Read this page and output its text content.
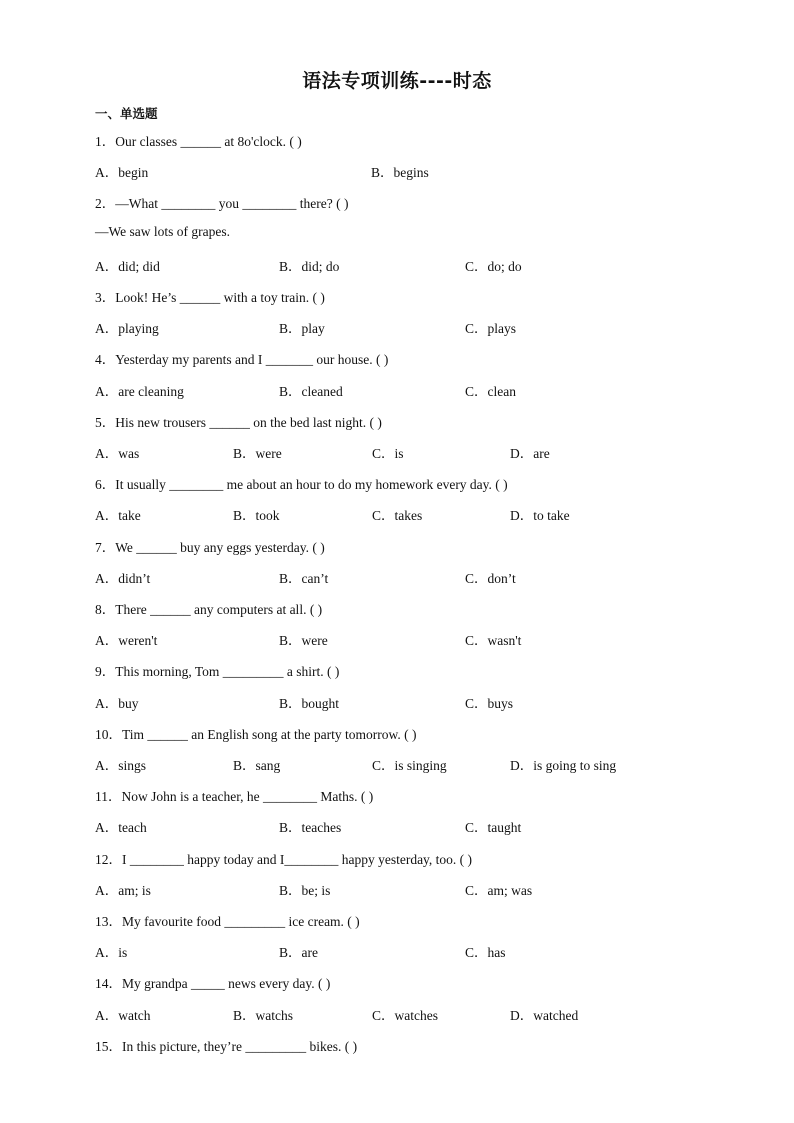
语法专项训练----时态
一、单选题
1．Our classes ______ at 8o'clock. ( )
A．begin	B．begins
2．—What ________ you ________ there? ( )
—We saw lots of grapes.
A．did; did	B．did; do	C．do; do
3．Look! He’s ______ with a toy train. ( )
A．playing	B．play	C．plays
4．Yesterday my parents and I _______ our house. ( )
A．are cleaning	B．cleaned	C．clean
5．His new trousers ______ on the bed last night. ( )
A．was	B．were	C．is	D．are
6．It usually ________ me about an hour to do my homework every day. ( )
A．take	B．took	C．takes	D．to take
7．We ______ buy any eggs yesterday. ( )
A．didn’t	B．can’t	C．don’t
8．There ______ any computers at all. ( )
A．weren't	B．were	C．wasn't
9．This morning, Tom _________ a shirt. ( )
A．buy	B．bought	C．buys
10．Tim ______ an English song at the party tomorrow. ( )
A．sings	B．sang	C．is singing	D．is going to sing
11．Now John is a teacher, he ________ Maths. ( )
A．teach	B．teaches	C．taught
12．I ________ happy today and I________ happy yesterday, too. ( )
A．am; is	B．be; is	C．am; was
13．My favourite food _________ ice cream. ( )
A．is	B．are	C．has
14．My grandpa _____ news every day. ( )
A．watch	B．watchs	C．watches	D．watched
15．In this picture, they’re _________ bikes. ( )
